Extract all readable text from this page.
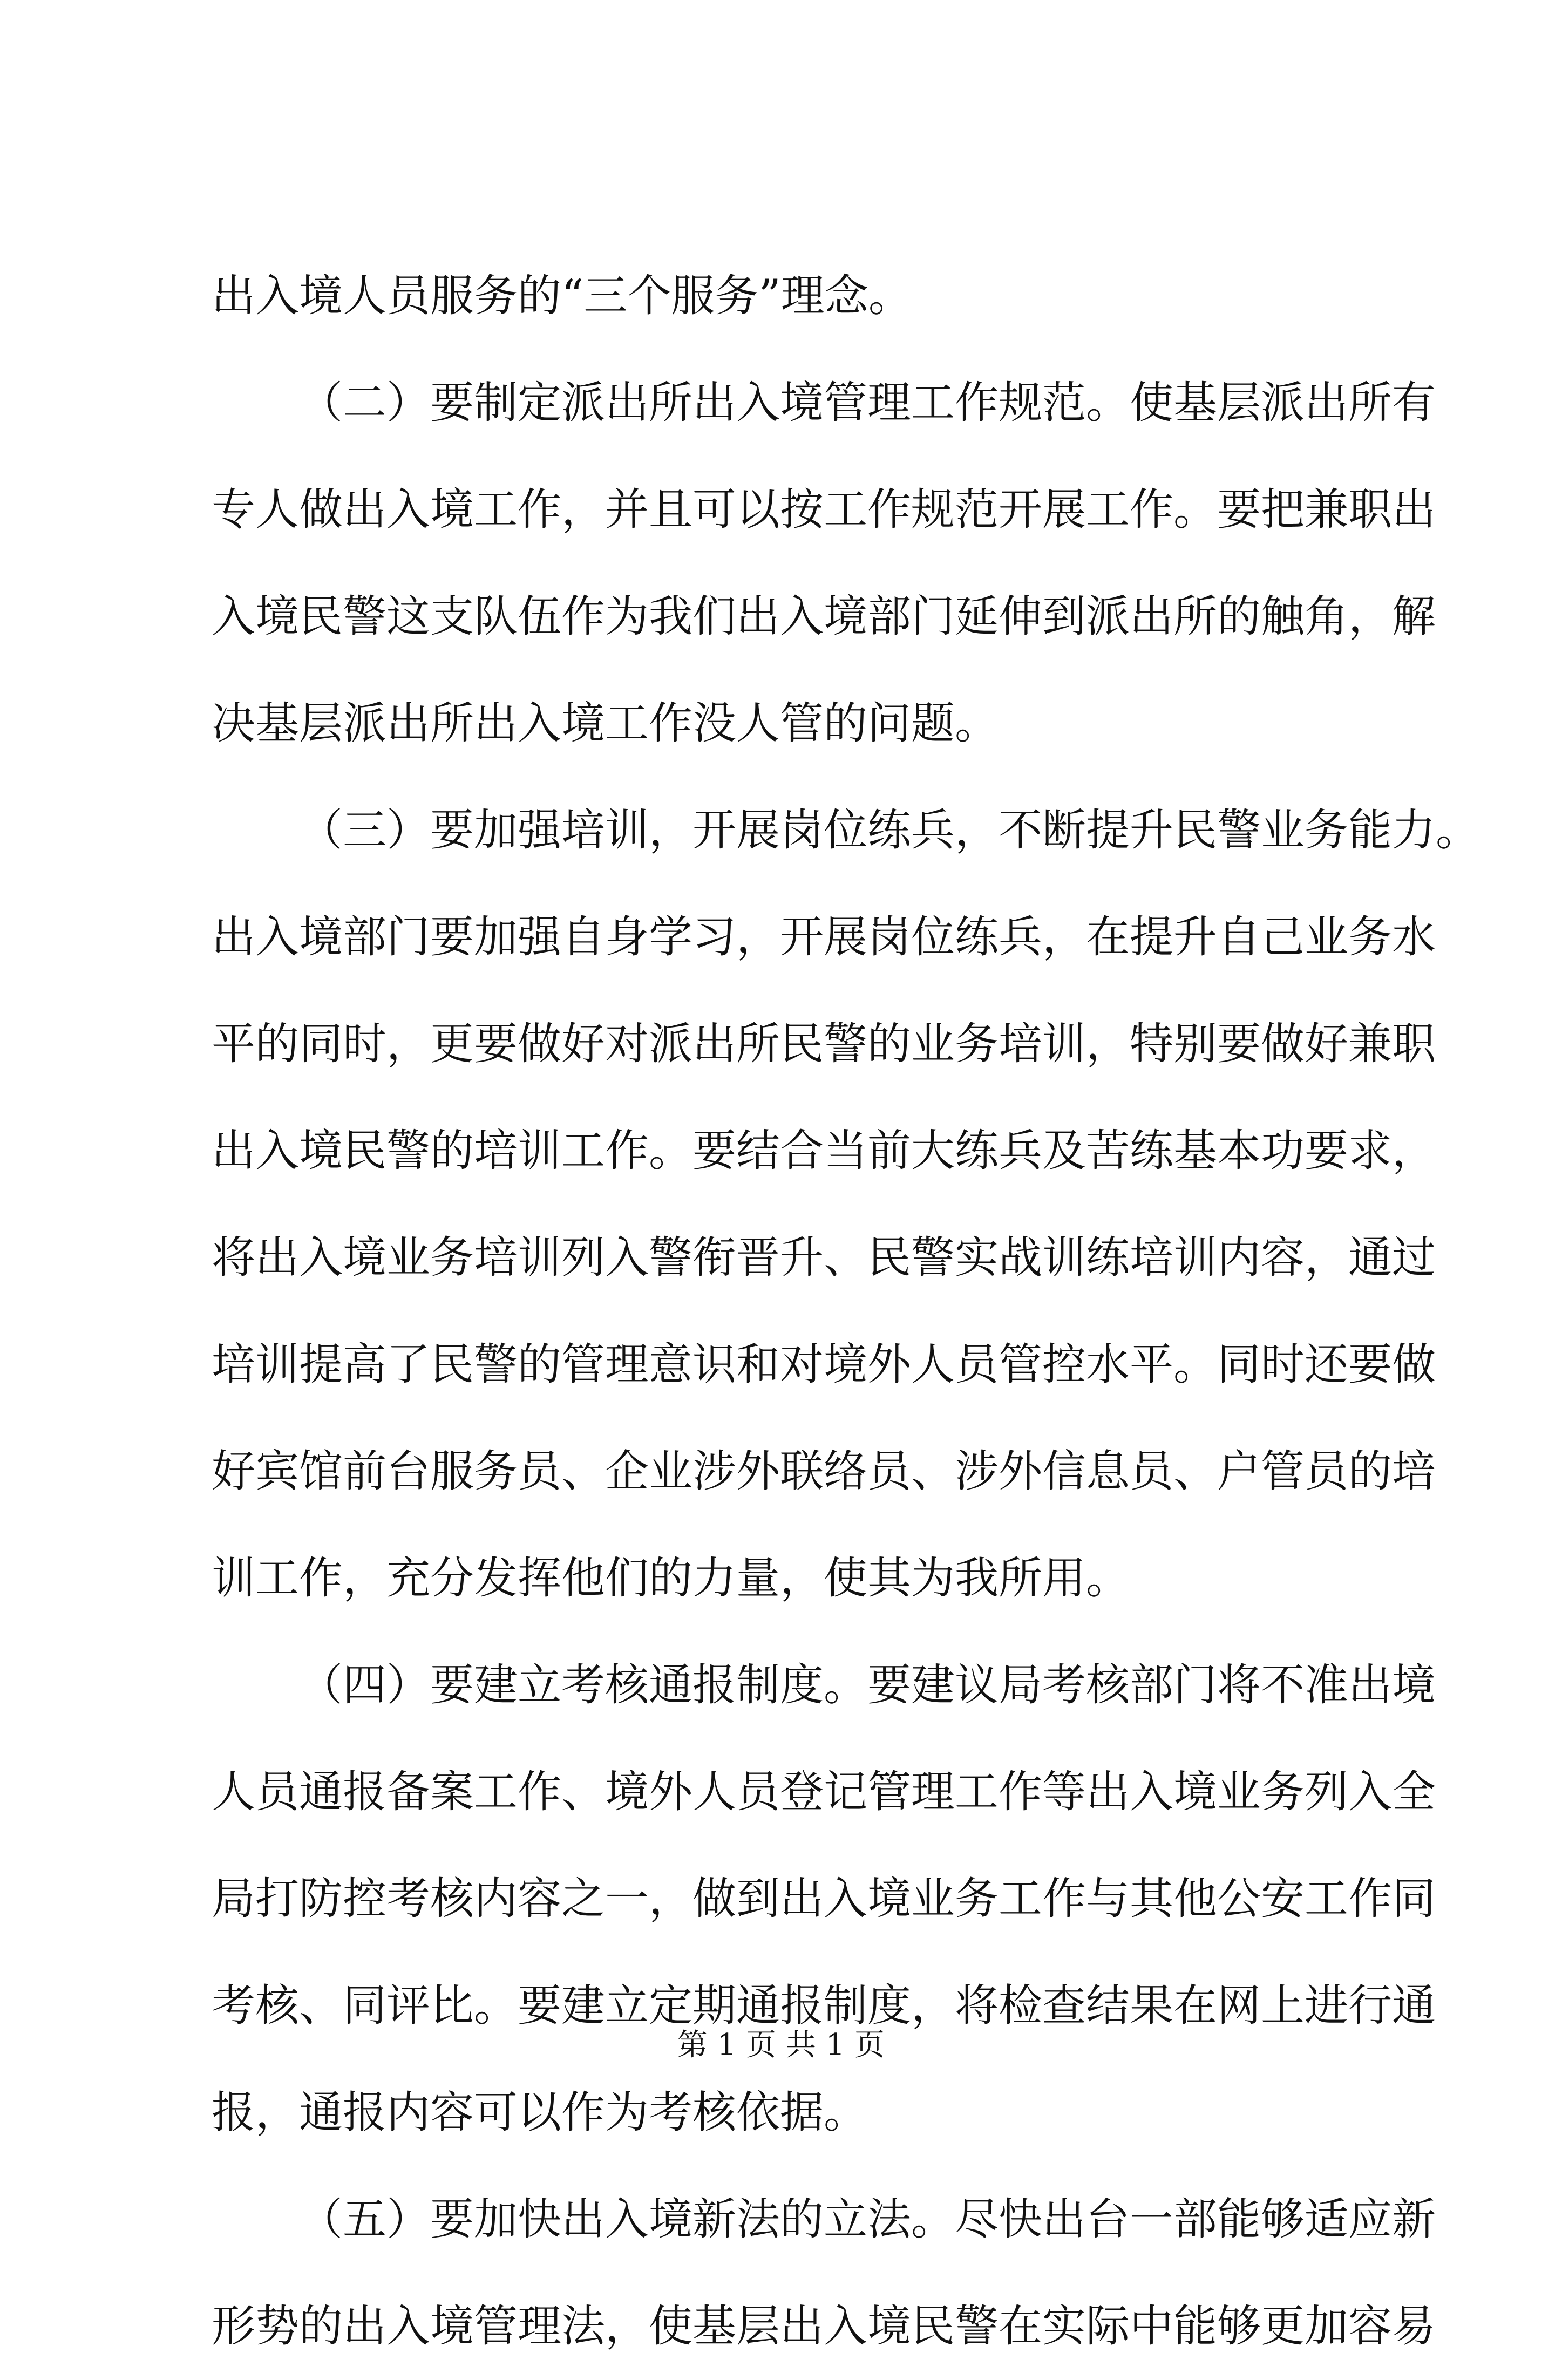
出入境人员服务的“三个服务”理念。
（二）要制定派出所出入境管理工作规范。使基层派出所有
专人做出入境工作，并且可以按工作规范开展工作。要把兼职出
入境民警这支队伍作为我们出入境部门延伸到派出所的触角，解
决基层派出所出入境工作没人管的问题。
（三）要加强培训，开展岗位练兵，不断提升民警业务能力。
出入境部门要加强自身学习，开展岗位练兵，在提升自己业务水
平的同时，更要做好对派出所民警的业务培训，特别要做好兼职
出入境民警的培训工作。要结合当前大练兵及苦练基本功要求，
将出入境业务培训列入警衔晋升、民警实战训练培训内容，通过
培训提高了民警的管理意识和对境外人员管控水平。同时还要做
好宾馆前台服务员、企业涉外联络员、涉外信息员、户管员的培
训工作，充分发挥他们的力量，使其为我所用。
（四）要建立考核通报制度。要建议局考核部门将不准出境
人员通报备案工作、境外人员登记管理工作等出入境业务列入全
局打防控考核内容之一，做到出入境业务工作与其他公安工作同
考核、同评比。要建立定期通报制度，将检查结果在网上进行通
报，通报内容可以作为考核依据。
（五）要加快出入境新法的立法。尽快出台一部能够适应新
形势的出入境管理法，使基层出入境民警在实际中能够更加容易
第 1 页 共 1 页
